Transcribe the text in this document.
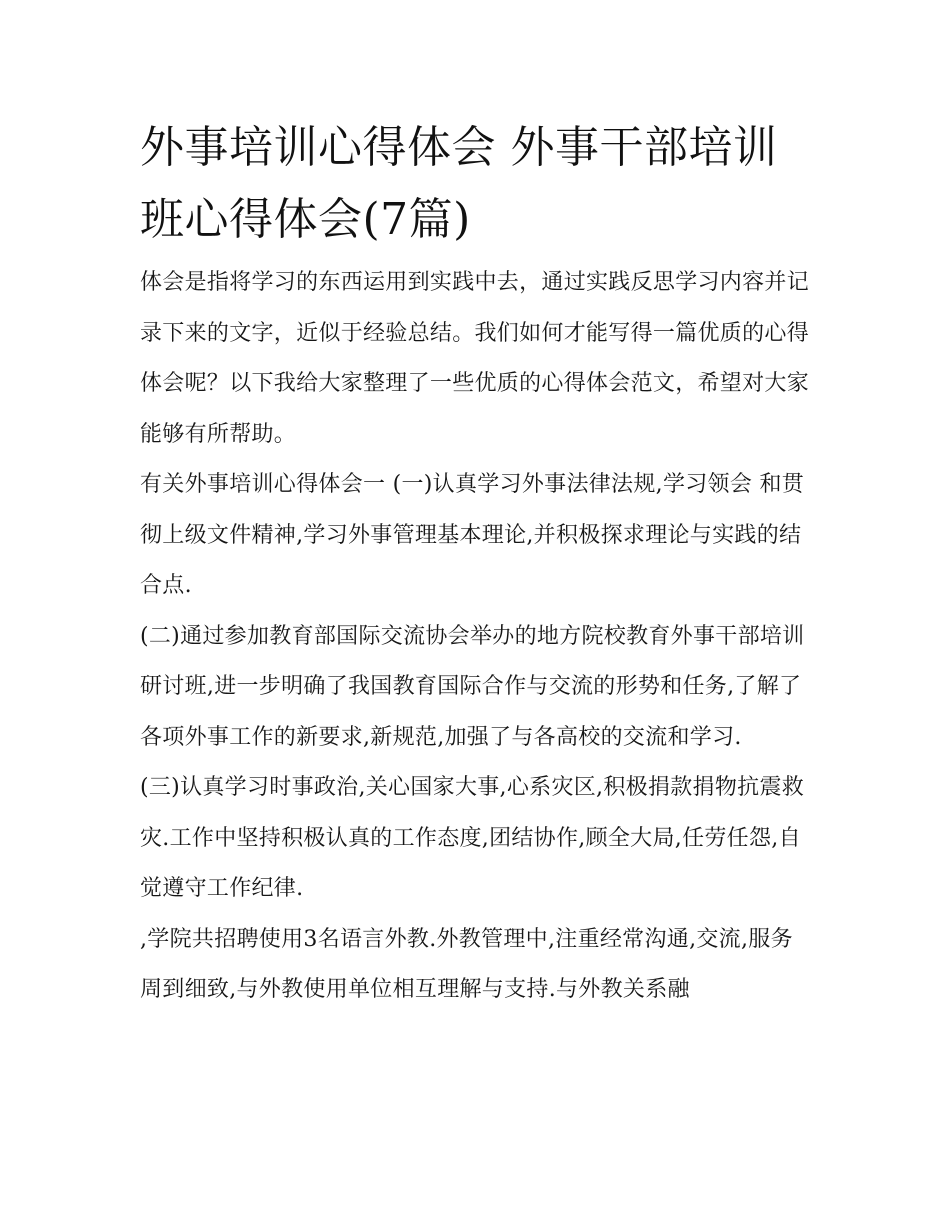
外事培训心得体会 外事干部培训班心得体会(7篇)

体会是指将学习的东西运用到实践中去，通过实践反思学习内容并记录下来的文字，近似于经验总结。我们如何才能写得一篇优质的心得体会呢？以下我给大家整理了一些优质的心得体会范文，希望对大家能够有所帮助。

有关外事培训心得体会一 (一)认真学习外事法律法规,学习领会 和贯彻上级文件精神,学习外事管理基本理论,并积极探求理论与实践的结合点.

(二)通过参加教育部国际交流协会举办的地方院校教育外事干部培训研讨班,进一步明确了我国教育国际合作与交流的形势和任务,了解了各项外事工作的新要求,新规范,加强了与各高校的交流和学习.

(三)认真学习时事政治,关心国家大事,心系灾区,积极捐款捐物抗震救灾.工作中坚持积极认真的工作态度,团结协作,顾全大局,任劳任怨,自觉遵守工作纪律.

,学院共招聘使用3名语言外教.外教管理中,注重经常沟通,交流,服务周到细致,与外教使用单位相互理解与支持.与外教关系融
